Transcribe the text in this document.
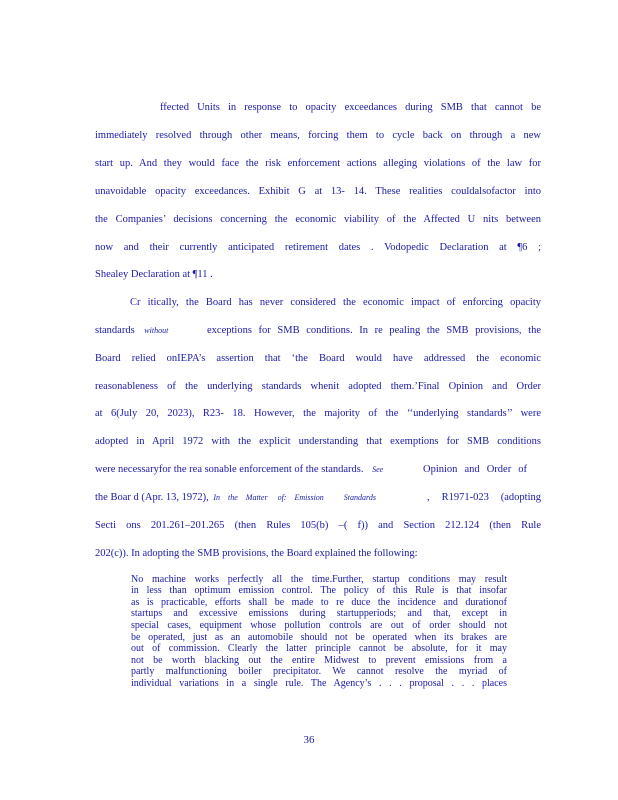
ffected Units in response to opacity exceedances during SMB that cannot be
immediately resolved through other means, forcing them to cycle back on through a new
start up. And they would face the risk enforcement actions alleging violations of the law for
unavoidable opacity exceedances. Exhibit G at 13- 14. These realities couldalsofactor into
the Companies’ decisions concerning the economic viability of the Affected U nits between
now and their currently anticipated retirement dates . Vodopedic Declaration at ¶6 ;
Shealey Declaration at ¶11 .
Cr itically, the Board has never considered the economic impact of enforcing opacity
standards without	exceptions for SMB conditions. In re pealing the SMB provisions, the
Board relied onIEPA’s assertion that ‘the Board would have addressed the economic
reasonableness of the underlying standards whenit adopted them.’Final Opinion and Order
at 6(July 20, 2023), R23- 18. However, the majority of the ‘‘underlying standards’’ were
adopted in April 1972 with the explicit understanding that exemptions for SMB conditions
were necessaryfor the rea sonable enforcement of the standards. See	Opinion and Order of
the Boar d (Apr. 13, 1972), In    the    Matter     of:    Emission          Standards	, R1971-023 (adopting
Secti ons 201.261–201.265 (then Rules 105(b) –( f)) and Section 212.124 (then Rule
202(c)). In adopting the SMB provisions, the Board explained the following:
No machine works perfectly all the time.Further, startup conditions may result
in less than optimum emission control. The policy of this Rule is that insofar
as is practicable, efforts shall be made to re duce the incidence and durationof
startups and excessive emissions during startupperiods; and that, except in
special cases, equipment whose pollution controls are out of order should not
be operated, just as an automobile should not be operated when its brakes are
out of commission. Clearly the latter principle cannot be absolute, for it may
not be worth blacking out the entire Midwest to prevent emissions from a
partly malfunctioning boiler precipitator. We cannot resolve the myriad of
individual variations in a single rule. The Agency’s . . . proposal . . . places
36
